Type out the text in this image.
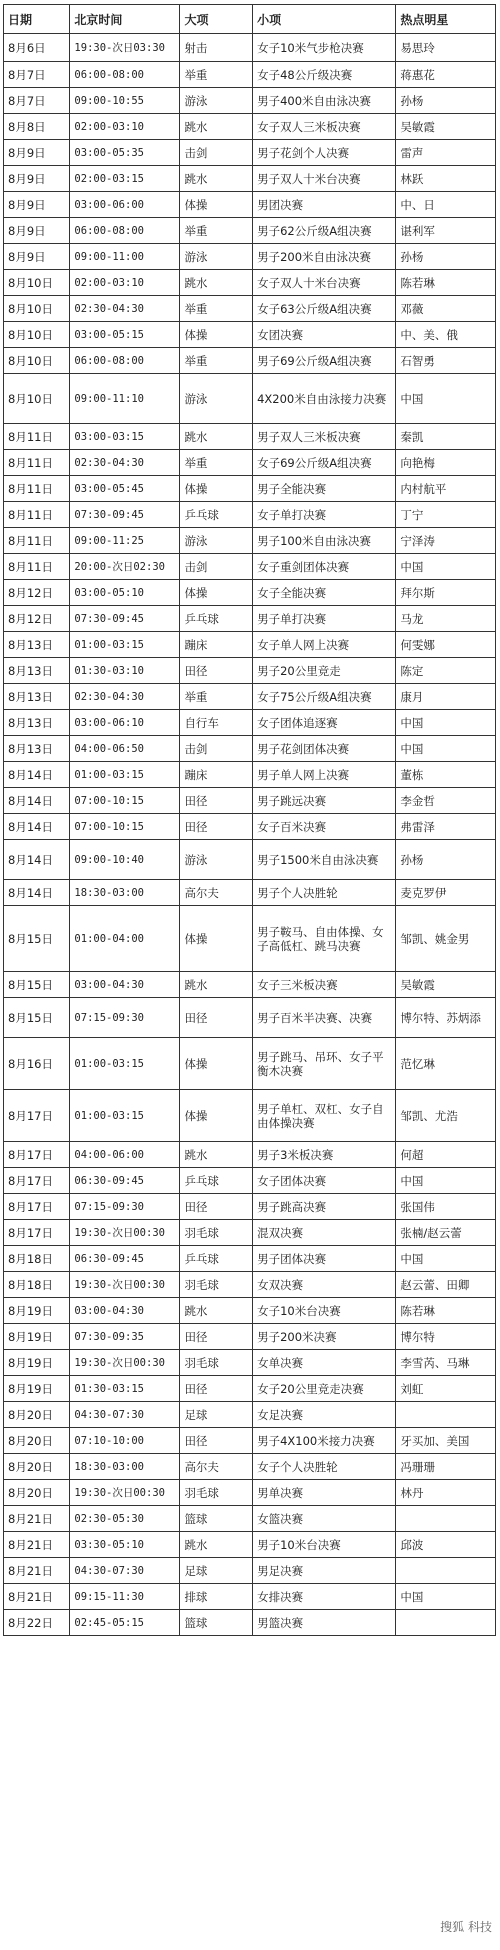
日期	北京时间	大项	小项	热点明星
8月6日	19:30-次日03:30	射击	女子10米气步枪决赛	易思玲
8月7日	06:00-08:00	举重	女子48公斤级决赛	蒋惠花
8月7日	09:00-10:55	游泳	男子400米自由泳决赛	孙杨
8月8日	02:00-03:10	跳水	女子双人三米板决赛	吴敏霞
8月9日	03:00-05:35	击剑	男子花剑个人决赛	雷声
8月9日	02:00-03:15	跳水	男子双人十米台决赛	林跃
8月9日	03:00-06:00	体操	男团决赛	中、日
8月9日	06:00-08:00	举重	男子62公斤级A组决赛	谌利军
8月9日	09:00-11:00	游泳	男子200米自由泳决赛	孙杨
8月10日	02:00-03:10	跳水	女子双人十米台决赛	陈若琳
8月10日	02:30-04:30	举重	女子63公斤级A组决赛	邓薇
8月10日	03:00-05:15	体操	女团决赛	中、美、俄
8月10日	06:00-08:00	举重	男子69公斤级A组决赛	石智勇
8月10日	09:00-11:10	游泳	4X200米自由泳接力决赛	中国
8月11日	03:00-03:15	跳水	男子双人三米板决赛	秦凯
8月11日	02:30-04:30	举重	女子69公斤级A组决赛	向艳梅
8月11日	03:00-05:45	体操	男子全能决赛	内村航平
8月11日	07:30-09:45	乒乓球	女子单打决赛	丁宁
8月11日	09:00-11:25	游泳	男子100米自由泳决赛	宁泽涛
8月11日	20:00-次日02:30	击剑	女子重剑团体决赛	中国
8月12日	03:00-05:10	体操	女子全能决赛	拜尔斯
8月12日	07:30-09:45	乒乓球	男子单打决赛	马龙
8月13日	01:00-03:15	蹦床	女子单人网上决赛	何雯娜
8月13日	01:30-03:10	田径	男子20公里竞走	陈定
8月13日	02:30-04:30	举重	女子75公斤级A组决赛	康月
8月13日	03:00-06:10	自行车	女子团体追逐赛	中国
8月13日	04:00-06:50	击剑	男子花剑团体决赛	中国
8月14日	01:00-03:15	蹦床	男子单人网上决赛	董栋
8月14日	07:00-10:15	田径	男子跳远决赛	李金哲
8月14日	07:00-10:15	田径	女子百米决赛	弗雷泽
8月14日	09:00-10:40	游泳	男子1500米自由泳决赛	孙杨
8月14日	18:30-03:00	高尔夫	男子个人决胜轮	麦克罗伊
8月15日	01:00-04:00	体操	男子鞍马、自由体操、女子高低杠、跳马决赛	邹凯、姚金男
8月15日	03:00-04:30	跳水	女子三米板决赛	吴敏霞
8月15日	07:15-09:30	田径	男子百米半决赛、决赛	博尔特、苏炳添
8月16日	01:00-03:15	体操	男子跳马、吊环、女子平衡木决赛	范忆琳
8月17日	01:00-03:15	体操	男子单杠、双杠、女子自由体操决赛	邹凯、尤浩
8月17日	04:00-06:00	跳水	男子3米板决赛	何超
8月17日	06:30-09:45	乒乓球	女子团体决赛	中国
8月17日	07:15-09:30	田径	男子跳高决赛	张国伟
8月17日	19:30-次日00:30	羽毛球	混双决赛	张楠/赵云蕾
8月18日	06:30-09:45	乒乓球	男子团体决赛	中国
8月18日	19:30-次日00:30	羽毛球	女双决赛	赵云蕾、田卿
8月19日	03:00-04:30	跳水	女子10米台决赛	陈若琳
8月19日	07:30-09:35	田径	男子200米决赛	博尔特
8月19日	19:30-次日00:30	羽毛球	女单决赛	李雪芮、马琳
8月19日	01:30-03:15	田径	女子20公里竞走决赛	刘虹
8月20日	04:30-07:30	足球	女足决赛	
8月20日	07:10-10:00	田径	男子4X100米接力决赛	牙买加、美国
8月20日	18:30-03:00	高尔夫	女子个人决胜轮	冯珊珊
8月20日	19:30-次日00:30	羽毛球	男单决赛	林丹
8月21日	02:30-05:30	篮球	女篮决赛	
8月21日	03:30-05:10	跳水	男子10米台决赛	邱波
8月21日	04:30-07:30	足球	男足决赛	
8月21日	09:15-11:30	排球	女排决赛	中国
8月22日	02:45-05:15	篮球	男篮决赛	
搜狐 科技
